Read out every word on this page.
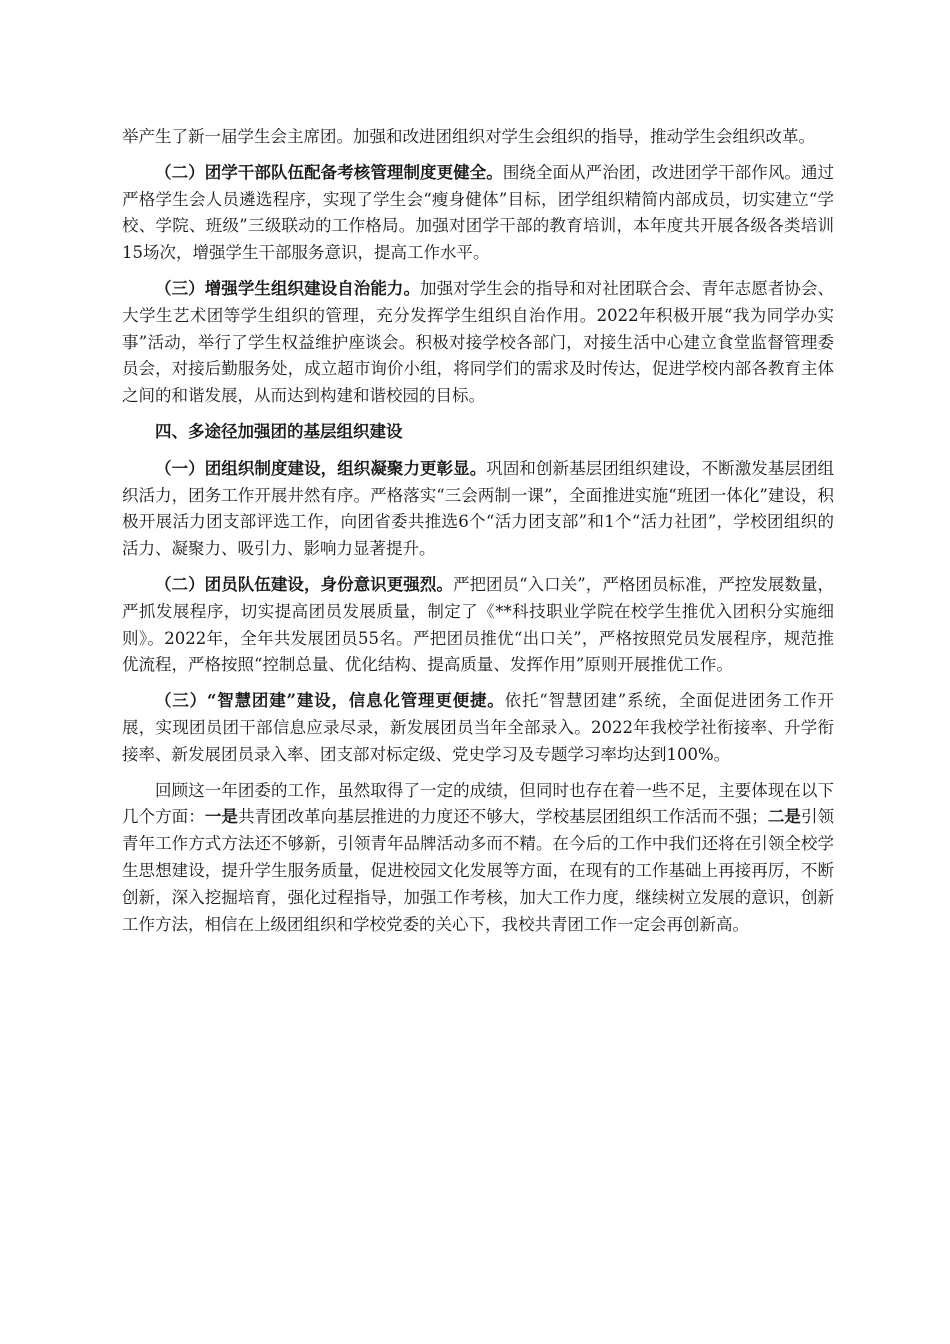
举产生了新一届学生会主席团。加强和改进团组织对学生会组织的指导，推动学生会组织改革。

（二）团学干部队伍配备考核管理制度更健全。围绕全面从严治团，改进团学干部作风。通过严格学生会人员遴选程序，实现了学生会“瘦身健体”目标，团学组织精简内部成员，切实建立“学校、学院、班级”三级联动的工作格局。加强对团学干部的教育培训，本年度共开展各级各类培训15场次，增强学生干部服务意识，提高工作水平。

（三）增强学生组织建设自治能力。加强对学生会的指导和对社团联合会、青年志愿者协会、大学生艺术团等学生组织的管理，充分发挥学生组织自治作用。2022年积极开展“我为同学办实事”活动，举行了学生权益维护座谈会。积极对接学校各部门，对接生活中心建立食堂监督管理委员会，对接后勤服务处，成立超市询价小组，将同学们的需求及时传达，促进学校内部各教育主体之间的和谐发展，从而达到构建和谐校园的目标。

四、多途径加强团的基层组织建设

（一）团组织制度建设，组织凝聚力更彰显。巩固和创新基层团组织建设，不断激发基层团组织活力，团务工作开展井然有序。严格落实“三会两制一课”，全面推进实施“班团一体化”建设，积极开展活力团支部评选工作，向团省委共推选6个“活力团支部”和1个“活力社团”，学校团组织的活力、凝聚力、吸引力、影响力显著提升。

（二）团员队伍建设，身份意识更强烈。严把团员“入口关”，严格团员标准，严控发展数量，严抓发展程序，切实提高团员发展质量，制定了《**科技职业学院在校学生推优入团积分实施细则》。2022年，全年共发展团员55名。严把团员推优“出口关”，严格按照党员发展程序，规范推优流程，严格按照“控制总量、优化结构、提高质量、发挥作用”原则开展推优工作。

（三）“智慧团建”建设，信息化管理更便捷。依托“智慧团建”系统，全面促进团务工作开展，实现团员团干部信息应录尽录，新发展团员当年全部录入。2022年我校学社衔接率、升学衔接率、新发展团员录入率、团支部对标定级、党史学习及专题学习率均达到100%。

回顾这一年团委的工作，虽然取得了一定的成绩，但同时也存在着一些不足，主要体现在以下几个方面：一是共青团改革向基层推进的力度还不够大，学校基层团组织工作活而不强；二是引领青年工作方式方法还不够新，引领青年品牌活动多而不精。在今后的工作中我们还将在引领全校学生思想建设，提升学生服务质量，促进校园文化发展等方面，在现有的工作基础上再接再厉，不断创新，深入挖掘培育，强化过程指导，加强工作考核，加大工作力度，继续树立发展的意识，创新工作方法，相信在上级团组织和学校党委的关心下，我校共青团工作一定会再创新高。
